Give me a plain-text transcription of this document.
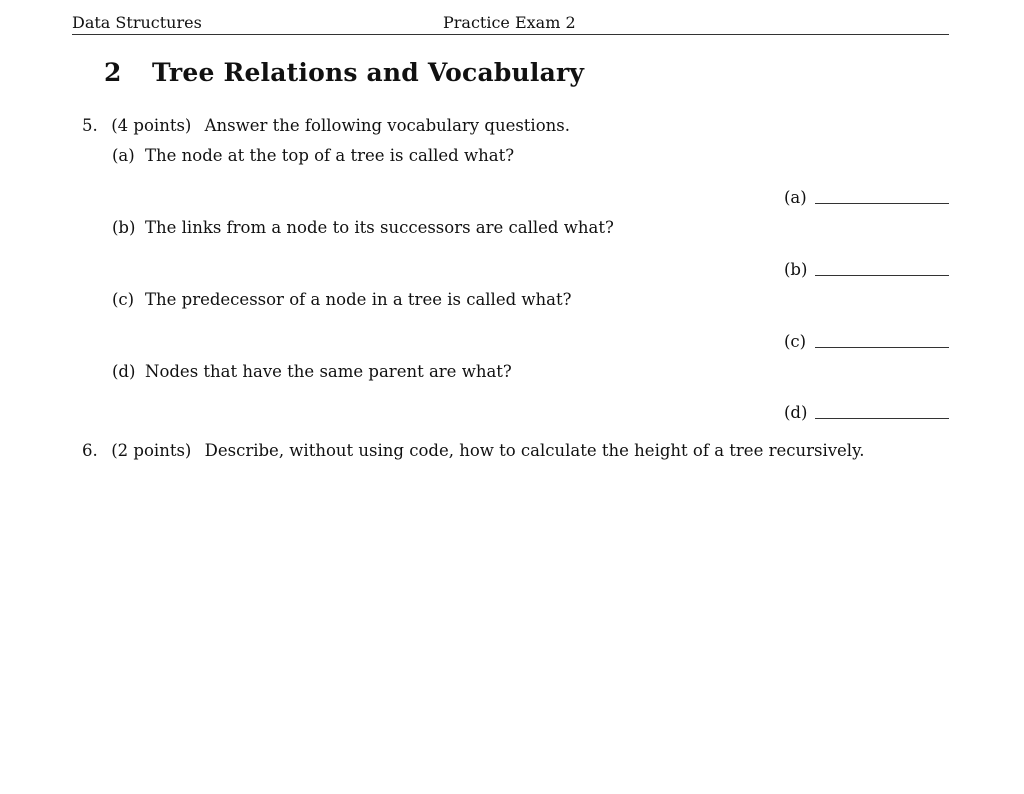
Data Structures	Practice Exam 2
2 Tree Relations and Vocabulary
5. (4 points) Answer the following vocabulary questions.
(a) The node at the top of a tree is called what?
(a)
(b) The links from a node to its successors are called what?
(b)
(c) The predecessor of a node in a tree is called what?
(c)
(d) Nodes that have the same parent are what?
(d)
6. (2 points) Describe, without using code, how to calculate the height of a tree recursively.
